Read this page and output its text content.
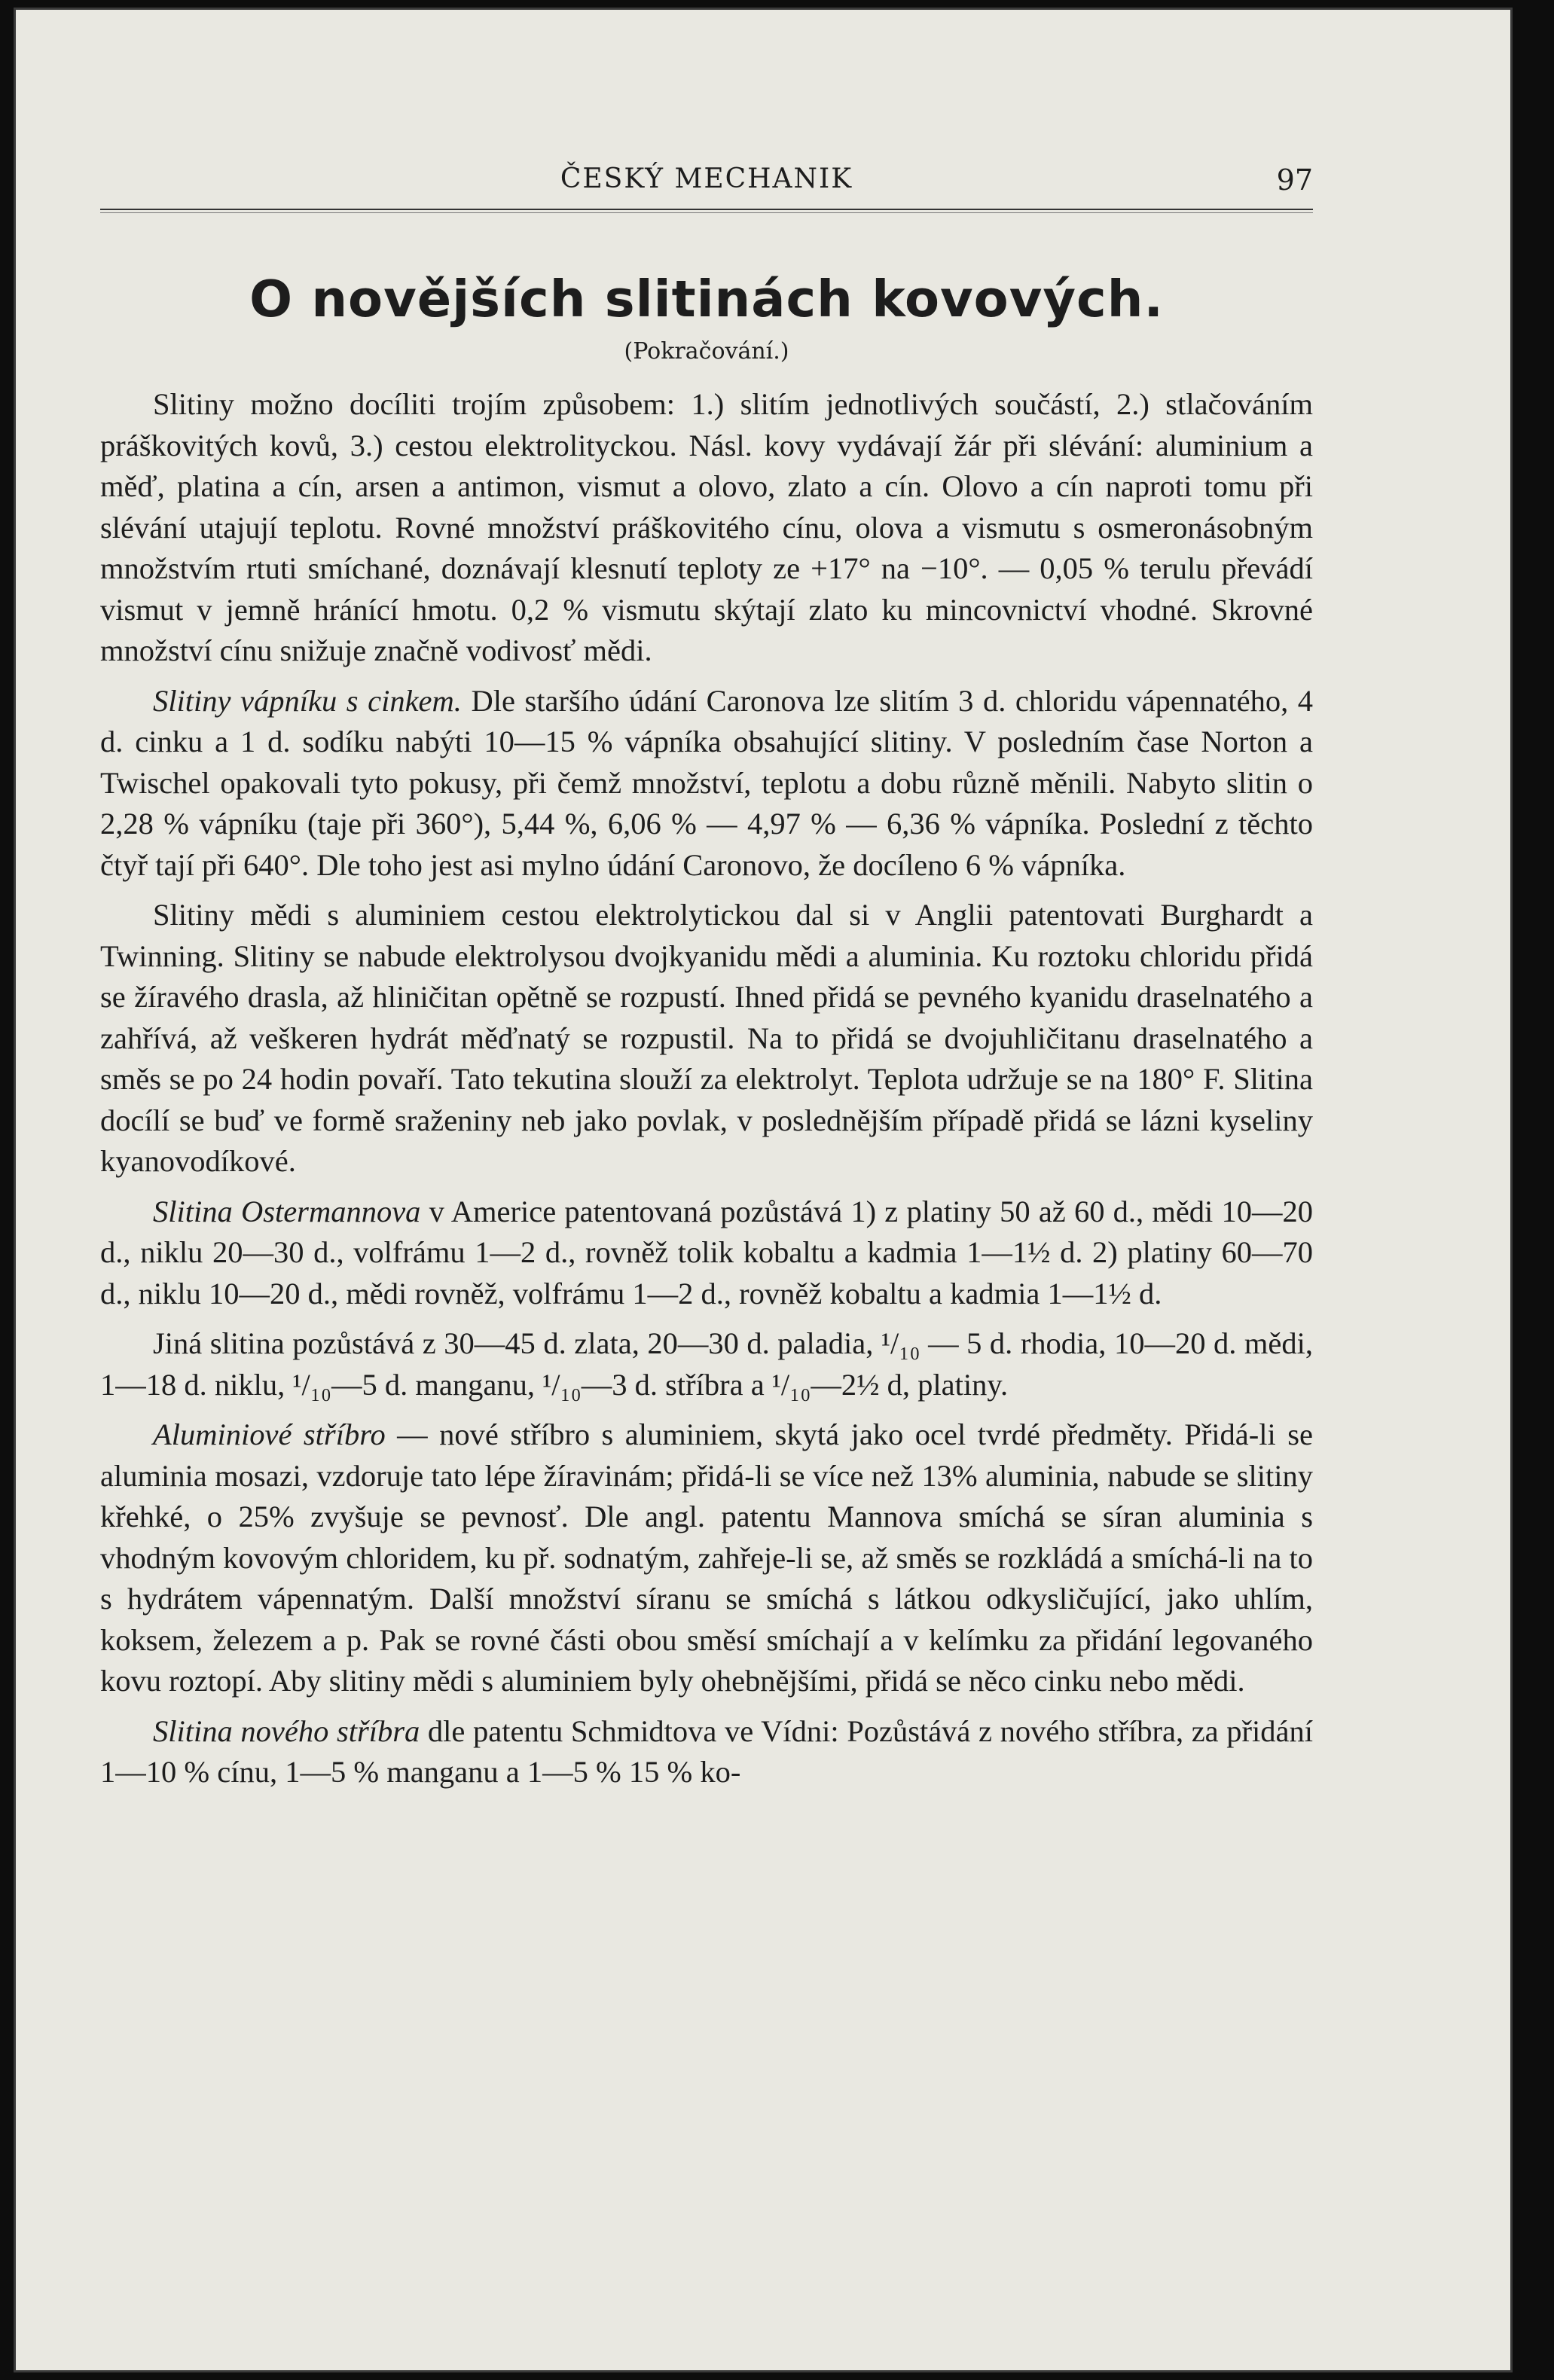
ČESKÝ MECHANIK	97
O novějších slitinách kovových.
(Pokračování.)

Slitiny možno docíliti trojím způsobem: 1.) slitím jednotlivých součástí, 2.) stlačováním práškovitých kovů, 3.) cestou elektrolityckou. Násl. kovy vydávají žár při slévání: aluminium a měď, platina a cín, arsen a antimon, vismut a olovo, zlato a cín. Olovo a cín naproti tomu při slévání utajují teplotu. Rovné množství práškovitého cínu, olova a vismutu s osmeronásobným množstvím rtuti smíchané, doznávají klesnutí teploty ze +17° na −10°. — 0,05 % terulu převádí vismut v jemně hránící hmotu. 0,2 % vismutu skýtají zlato ku mincovnictví vhodné. Skrovné množství cínu snižuje značně vodivosť mědi.

Slitiny vápníku s cinkem. Dle staršího údání Caronova lze slitím 3 d. chloridu vápennatého, 4 d. cinku a 1 d. sodíku nabýti 10—15 % vápníka obsahující slitiny. V posledním čase Norton a Twischel opakovali tyto pokusy, při čemž množství, teplotu a dobu různě měnili. Nabyto slitin o 2,28 % vápníku (taje při 360°), 5,44 %, 6,06 % — 4,97 % — 6,36 % vápníka. Poslední z těchto čtyř tají při 640°. Dle toho jest asi mylno údání Caronovo, že docíleno 6 % vápníka.

Slitiny mědi s aluminiem cestou elektrolytickou dal si v Anglii patentovati Burghardt a Twinning. Slitiny se nabude elektrolysou dvojkyanidu mědi a aluminia. Ku roztoku chloridu přidá se žíravého drasla, až hliničitan opětně se rozpustí. Ihned přidá se pevného kyanidu draselnatého a zahřívá, až veškeren hydrát měďnatý se rozpustil. Na to přidá se dvojuhličitanu draselnatého a směs se po 24 hodin povaří. Tato tekutina slouží za elektrolyt. Teplota udržuje se na 180° F. Slitina docílí se buď ve formě sraženiny neb jako povlak, v poslednějším případě přidá se lázni kyseliny kyanovodíkové.

Slitina Ostermannova v Americe patentovaná pozůstává 1) z platiny 50 až 60 d., mědi 10—20 d., niklu 20—30 d., volfrámu 1—2 d., rovněž tolik kobaltu a kadmia 1—1½ d. 2) platiny 60—70 d., niklu 10—20 d., mědi rovněž, volfrámu 1—2 d., rovněž kobaltu a kadmia 1—1½ d.

Jiná slitina pozůstává z 30—45 d. zlata, 20—30 d. paladia, ¹/₁₀ — 5 d. rhodia, 10—20 d. mědi, 1—18 d. niklu, ¹/₁₀—5 d. manganu, ¹/₁₀—3 d. stříbra a ¹/₁₀—2½ d, platiny.

Aluminiové stříbro — nové stříbro s aluminiem, skytá jako ocel tvrdé předměty. Přidá-li se aluminia mosazi, vzdoruje tato lépe žíravinám; přidá-li se více než 13% aluminia, nabude se slitiny křehké, o 25% zvyšuje se pevnosť. Dle angl. patentu Mannova smíchá se síran aluminia s vhodným kovovým chloridem, ku př. sodnatým, zahřeje-li se, až směs se rozkládá a smíchá-li na to s hydrátem vápennatým. Další množství síranu se smíchá s látkou odkysličující, jako uhlím, koksem, železem a p. Pak se rovné části obou směsí smíchají a v kelímku za přidání legovaného kovu roztopí. Aby slitiny mědi s aluminiem byly ohebnějšími, přidá se něco cinku nebo mědi.

Slitina nového stříbra dle patentu Schmidtova ve Vídni: Pozůstává z nového stříbra, za přidání 1—10 % cínu, 1—5 % manganu a 1—5 % 15 % ko-
